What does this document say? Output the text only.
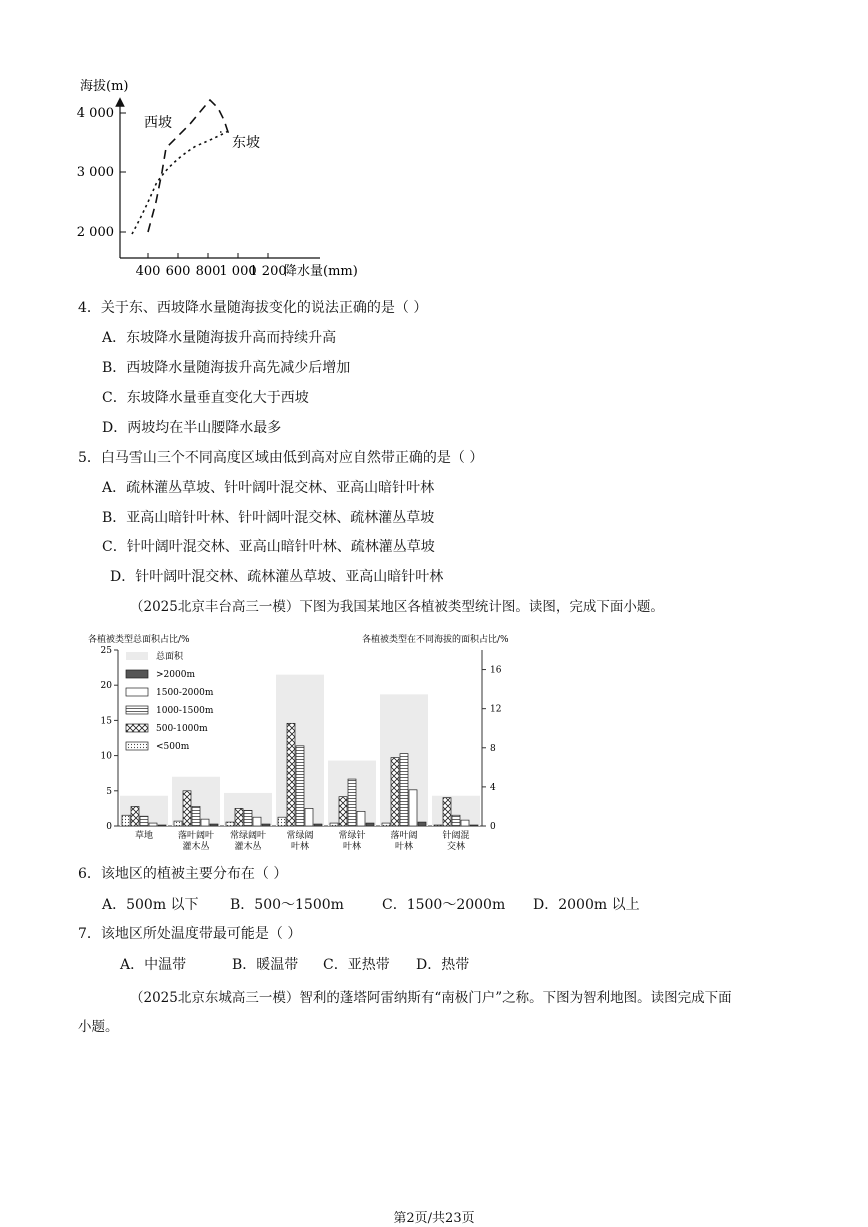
海拔(m)
4 000
3 000
2 000
400 600 800
1 000
1 200
降水量(mm)
西坡
东坡
4．关于东、西坡降水量随海拔变化的说法正确的是（ ）
A．东坡降水量随海拔升高而持续升高
B．西坡降水量随海拔升高先减少后增加
C．东坡降水量垂直变化大于西坡
D．两坡均在半山腰降水最多
5．白马雪山三个不同高度区域由低到高对应自然带正确的是（ ）
A．疏林灌丛草坡、针叶阔叶混交林、亚高山暗针叶林
B．亚高山暗针叶林、针叶阔叶混交林、疏林灌丛草坡
C．针叶阔叶混交林、亚高山暗针叶林、疏林灌丛草坡
D．针叶阔叶混交林、疏林灌丛草坡、亚高山暗针叶林
（2025北京丰台高三一模）下图为我国某地区各植被类型统计图。读图，完成下面小题。
各植被类型总面积占比/%	各植被类型在不同海拔的面积占比/%
25
20
15
10
5
0
16
12
8
4
0
草地	落叶阔叶
灌木丛
常绿阔叶
灌木丛
常绿阔
叶林
常绿针
叶林
落叶阔
叶林
针阔混
交林
总面积
>2000m
1500-2000m
1000-1500m
500-1000m
<500m
6．该地区的植被主要分布在（ ）
A．500m 以下 B．500～1500m	C．1500～2000m D．2000m 以上
7．该地区所处温度带最可能是（ ）
A．中温带	B．暖温带 C．亚热带 D．热带
（2025北京东城高三一模）智利的蓬塔阿雷纳斯有“南极门户”之称。下图为智利地图。读图完成下面
小题。
第2页/共23页
